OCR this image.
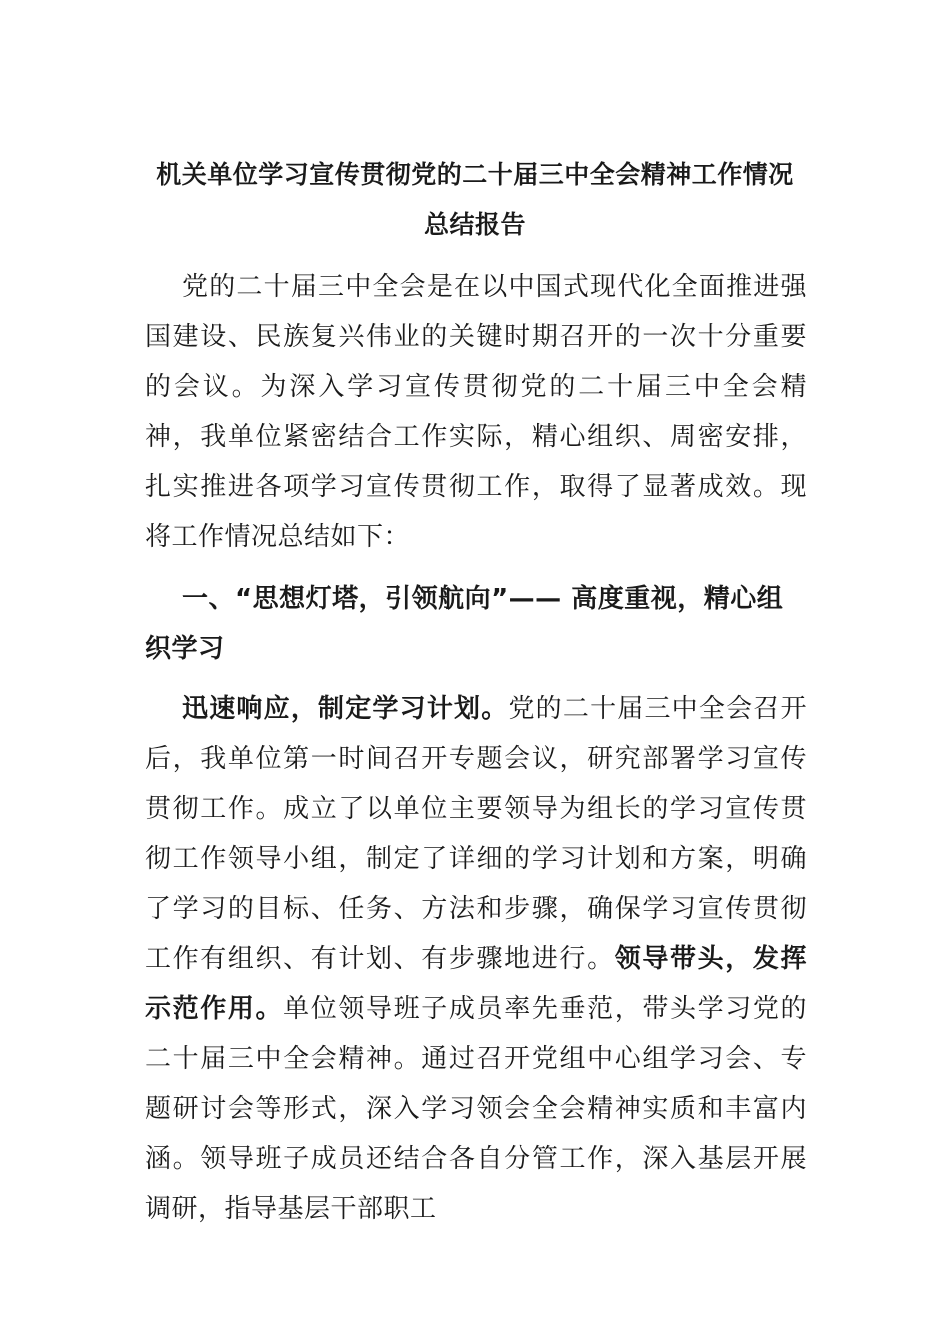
机关单位学习宣传贯彻党的二十届三中全会精神工作情况
总结报告

党的二十届三中全会是在以中国式现代化全面推进强国建设、民族复兴伟业的关键时期召开的一次十分重要的会议。为深入学习宣传贯彻党的二十届三中全会精神，我单位紧密结合工作实际，精心组织、周密安排，扎实推进各项学习宣传贯彻工作，取得了显著成效。现将工作情况总结如下：

一、“思想灯塔，引领航向”—— 高度重视，精心组织学习

迅速响应，制定学习计划。党的二十届三中全会召开后，我单位第一时间召开专题会议，研究部署学习宣传贯彻工作。成立了以单位主要领导为组长的学习宣传贯彻工作领导小组，制定了详细的学习计划和方案，明确了学习的目标、任务、方法和步骤，确保学习宣传贯彻工作有组织、有计划、有步骤地进行。领导带头，发挥示范作用。单位领导班子成员率先垂范，带头学习党的二十届三中全会精神。通过召开党组中心组学习会、专题研讨会等形式，深入学习领会全会精神实质和丰富内涵。领导班子成员还结合各自分管工作，深入基层开展调研，指导基层干部职工
